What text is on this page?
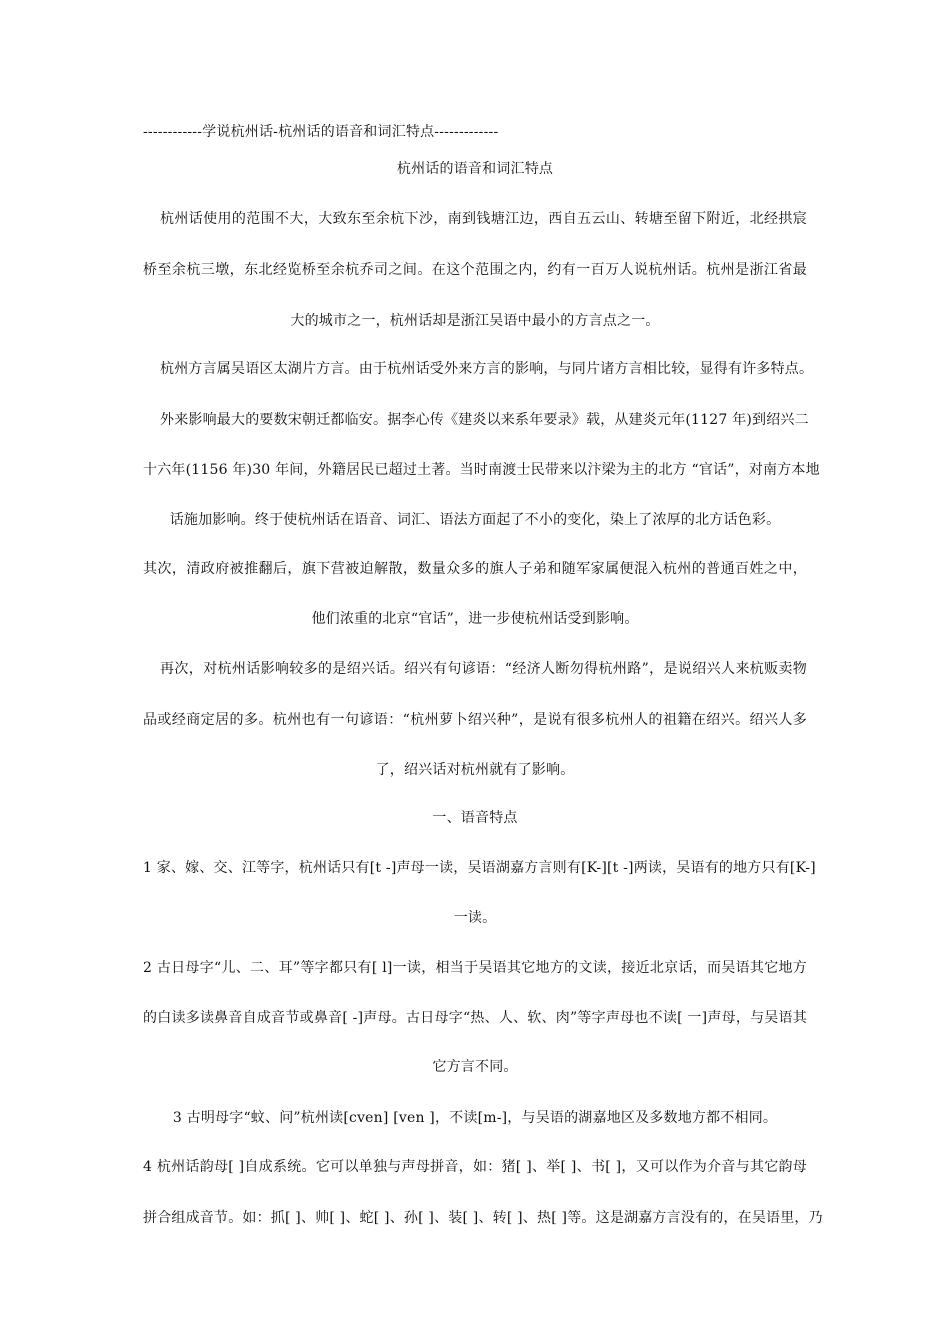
------------学说杭州话-杭州话的语音和词汇特点-------------
杭州话的语音和词汇特点
杭州话使用的范围不大，大致东至余杭下沙，南到钱塘江边，西自五云山、转塘至留下附近，北经拱宸
桥至余杭三墩，东北经览桥至余杭乔司之间。在这个范围之内，约有一百万人说杭州话。杭州是浙江省最
大的城市之一，杭州话却是浙江吴语中最小的方言点之一。
杭州方言属吴语区太湖片方言。由于杭州话受外来方言的影响，与同片诸方言相比较，显得有许多特点。
外来影响最大的要数宋朝迁都临安。据李心传《建炎以来系年要录》载，从建炎元年(1127 年)到绍兴二
十六年(1156 年)30 年间，外籍居民已超过土著。当时南渡士民带来以汴梁为主的北方 “官话”，对南方本地
话施加影响。终于使杭州话在语音、词汇、语法方面起了不小的变化，染上了浓厚的北方话色彩。
其次，清政府被推翻后，旗下营被迫解散，数量众多的旗人子弟和随军家属便混入杭州的普通百姓之中，
他们浓重的北京“官话”，进一步使杭州话受到影响。
再次，对杭州话影响较多的是绍兴话。绍兴有句谚语：“经济人断勿得杭州路”，是说绍兴人来杭贩卖物
品或经商定居的多。杭州也有一句谚语：“杭州萝卜绍兴种”，是说有很多杭州人的祖籍在绍兴。绍兴人多
了，绍兴话对杭州就有了影响。
一、语音特点
1 家、嫁、交、江等字，杭州话只有[t -]声母一读，吴语湖嘉方言则有[K-][t -]两读，吴语有的地方只有[K-]
一读。
2 古日母字“儿、二、耳”等字都只有[ l]一读，相当于吴语其它地方的文读，接近北京话，而吴语其它地方
的白读多读鼻音自成音节或鼻音[ -]声母。古日母字“热、人、软、肉”等字声母也不读[ 一]声母，与吴语其
它方言不同。
3 古明母字“蚊、问”杭州读[cven] [ven ]，不读[m-]，与吴语的湖嘉地区及多数地方都不相同。
4 杭州话韵母[ ]自成系统。它可以单独与声母拼音，如：猪[ ]、举[ ]、书[ ]，又可以作为介音与其它韵母
拼合组成音节。如：抓[ ]、帅[ ]、蛇[ ]、孙[ ]、装[ ]、转[ ]、热[ ]等。这是湖嘉方言没有的，在吴语里，乃
